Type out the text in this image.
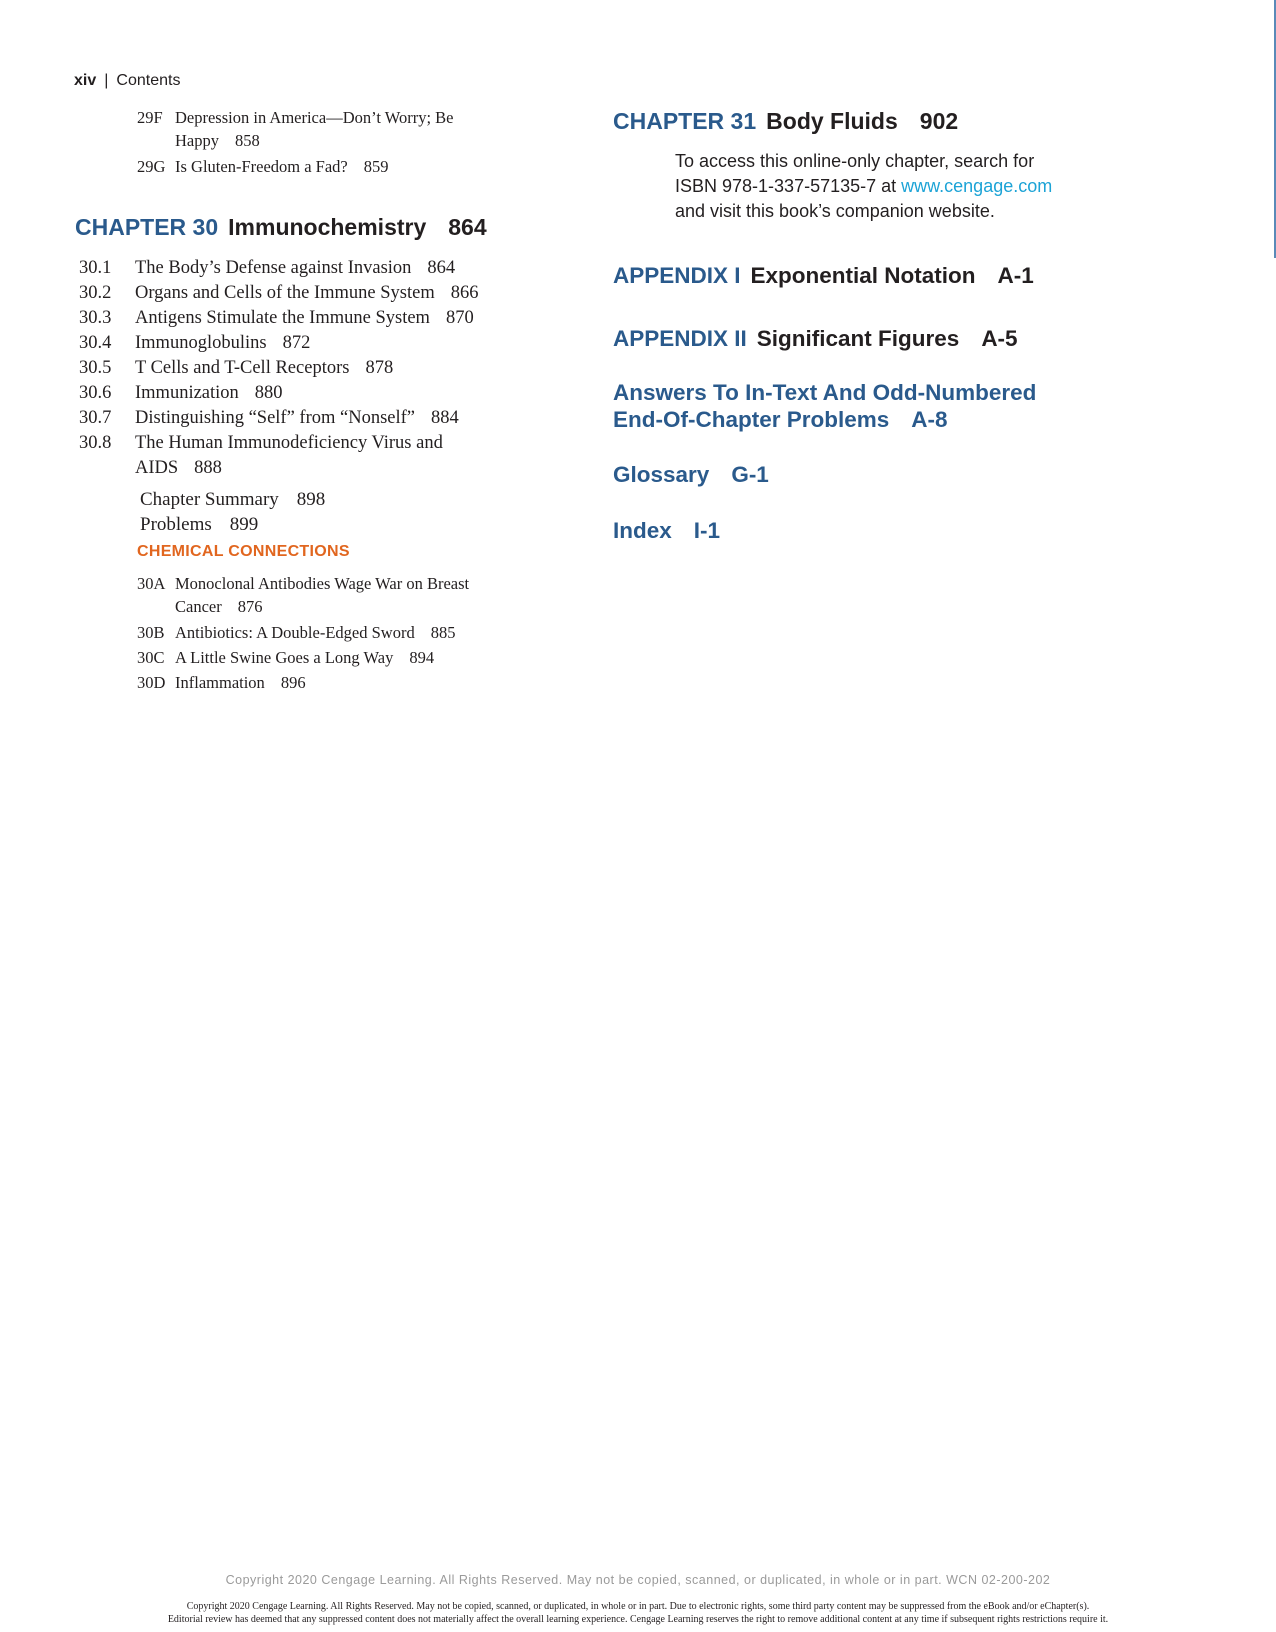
xiv | Contents
29F Depression in America—Don’t Worry; Be
Happy 858
29G Is Gluten-Freedom a Fad? 859
CHAPTER 30 Immunochemistry 864
30.1	The Body’s Defense against Invasion 864
30.2	Organs and Cells of the Immune System 866
30.3	Antigens Stimulate the Immune System 870
30.4	Immunoglobulins 872
30.5	T Cells and T-Cell Receptors 878
30.6	Immunization 880
30.7	Distinguishing “Self” from “Nonself” 884
30.8	The Human Immunodeficiency Virus and
AIDS 888
Chapter Summary 898
Problems 899
CHEMICAL CONNECTIONS
30A Monoclonal Antibodies Wage War on Breast
Cancer 876
30B Antibiotics: A Double-Edged Sword 885
30C A Little Swine Goes a Long Way 894
30D Inflammation 896
CHAPTER 31 Body Fluids 902
To access this online-only chapter, search for
ISBN 978-1-337-57135-7 at www.cengage.com
and visit this book’s companion website.
APPENDIX I Exponential Notation A-1
APPENDIX II Significant Figures A-5
Answers To In-Text And Odd-Numbered
End-Of-Chapter Problems A-8
Glossary G-1
Index I-1
Copyright 2020 Cengage Learning. All Rights Reserved. May not be copied, scanned, or duplicated, in whole or in part. WCN 02-200-202
Copyright 2020 Cengage Learning. All Rights Reserved. May not be copied, scanned, or duplicated, in whole or in part. Due to electronic rights, some third party content may be suppressed from the eBook and/or eChapter(s).
Editorial review has deemed that any suppressed content does not materially affect the overall learning experience. Cengage Learning reserves the right to remove additional content at any time if subsequent rights restrictions require it.
